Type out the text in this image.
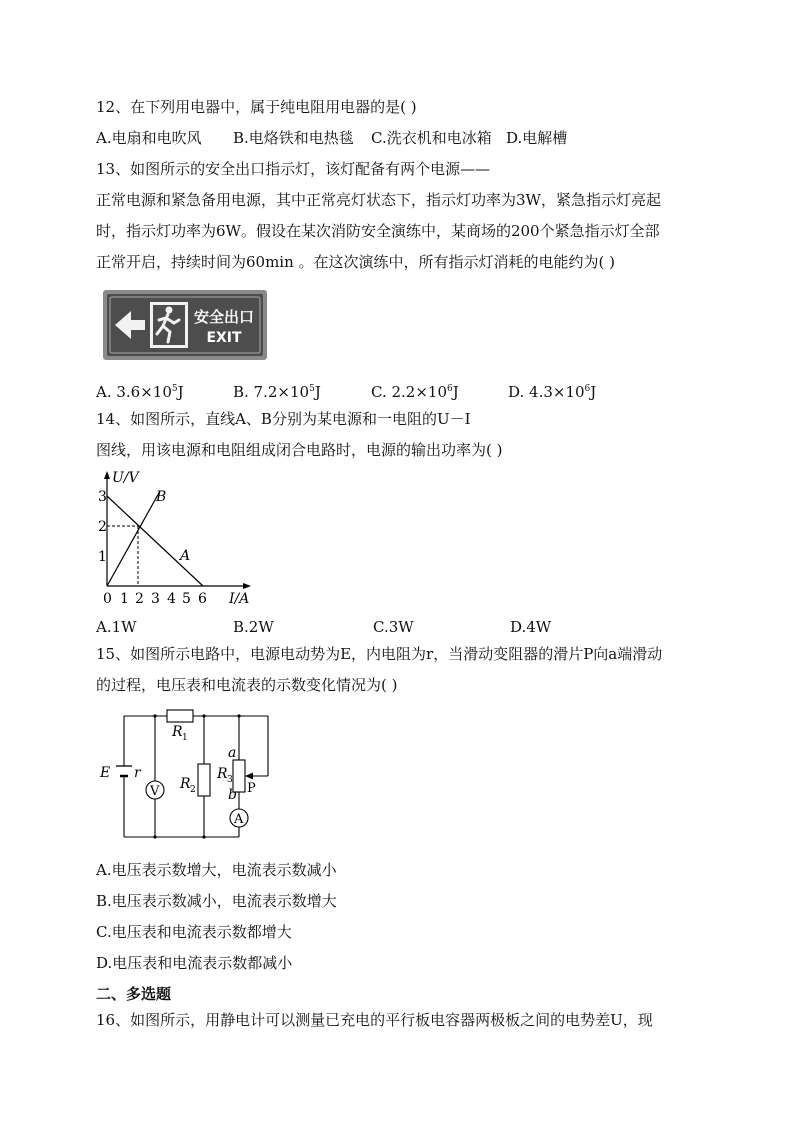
12、在下列用电器中，属于纯电阻用电器的是( )
A.电扇和电吹风 B.电烙铁和电热毯 C.洗衣机和电冰箱 D.电解槽
13、如图所示的安全出口指示灯，该灯配备有两个电源——
正常电源和紧急备用电源，其中正常亮灯状态下，指示灯功率为3W，紧急指示灯亮起
时，指示灯功率为6W。假设在某次消防安全演练中，某商场的200个紧急指示灯全部
正常开启，持续时间为60min 。在这次演练中，所有指示灯消耗的电能约为( )
安全出口
EXIT
A. 3.6×105J	B. 7.2×105J	C. 2.2×106J	D. 4.3×106J
14、如图所示，直线A、B分别为某电源和一电阻的U－I
图线，用该电源和电阻组成闭合电路时，电源的输出功率为( )
U/V
I/A
1
2
3
0 1 2 3 4 5 6
A
B
A.1W	B.2W	C.3W	D.4W
15、如图所示电路中，电源电动势为E，内电阻为r，当滑动变阻器的滑片P向a端滑动
的过程，电压表和电流表的示数变化情况为( )
V
A
E r
R 1
R 2
R 3
a
b P
A.电压表示数增大，电流表示数减小
B.电压表示数减小，电流表示数增大
C.电压表和电流表示数都增大
D.电压表和电流表示数都减小
二、多选题
16、如图所示，用静电计可以测量已充电的平行板电容器两极板之间的电势差U，现
